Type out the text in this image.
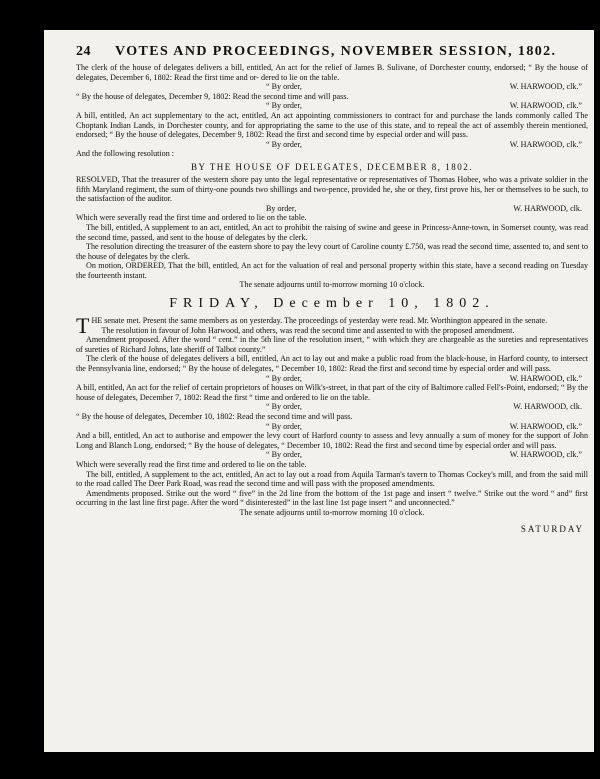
24 VOTES AND PROCEEDINGS, NOVEMBER SESSION, 1802.

The clerk of the house of delegates delivers a bill, entitled, An act for the relief of James B. Sulivane, of Dorchester county, endorsed; “ By the house of delegates, December 6, 1802: Read the first time and or- dered to lie on the table.

“ By order,	W. HARWOOD, clk.”

“ By the house of delegates, December 9, 1802: Read the second time and will pass.

“ By order,	W. HARWOOD, clk.”

A bill, entitled, An act supplementary to the act, entitled, An act appointing commissioners to contract for and purchase the lands commonly called The Choptank Indian Lands, in Dorchester county, and for appropriating the same to the use of this state, and to repeal the act of assembly therein mentioned, endorsed; “ By the house of delegates, December 9, 1802: Read the first and second time by especial order and will pass.

“ By order,	W. HARWOOD, clk.”

And the following resolution :

BY THE HOUSE OF DELEGATES, DECEMBER 8, 1802.

RESOLVED, That the treasurer of the western shore pay unto the legal representative or representatives of Thomas Hobee, who was a private soldier in the fifth Maryland regiment, the sum of thirty-one pounds two shillings and two-pence, provided he, she or they, first prove his, her or themselves to be such, to the satisfaction of the auditor.

By order,	W. HARWOOD, clk.

Which were severally read the first time and ordered to lie on the table.

The bill, entitled, A supplement to an act, entitled, An act to prohibit the raising of swine and geese in Princess-Anne-town, in Somerset county, was read the second time, passed, and sent to the house of delegates by the clerk.

The resolution directing the treasurer of the eastern shore to pay the levy court of Caroline county £.750, was read the second time, assented to, and sent to the house of delegates by the clerk.

On motion, ORDERED, That the bill, entitled, An act for the valuation of real and personal property within this state, have a second reading on Tuesday the fourteenth instant.

The senate adjourns until to-morrow morning 10 o'clock.
FRIDAY, December 10, 1802.

THE senate met. Present the same members as on yesterday. The proceedings of yesterday were read. Mr. Worthington appeared in the senate.

The resolution in favour of John Harwood, and others, was read the second time and assented to with the proposed amendment.

Amendment proposed. After the word “ cent.” in the 5th line of the resolution insert, “ with which they are chargeable as the sureties and representatives of sureties of Richard Johns, late sheriff of Talbot county.”

The clerk of the house of delegates delivers a bill, entitled, An act to lay out and make a public road from the black-house, in Harford county, to intersect the Pennsylvania line, endorsed; “ By the house of delegates, “ December 10, 1802: Read the first and second time by especial order and will pass.

“ By order,	W. HARWOOD, clk.”

A bill, entitled, An act for the relief of certain proprietors of houses on Wilk's-street, in that part of the city of Baltimore called Fell's-Point, endorsed; “ By the house of delegates, December 7, 1802: Read the first “ time and ordered to lie on the table.

“ By order,	W. HARWOOD, clk.

“ By the house of delegates, December 10, 1802: Read the second time and will pass.

“ By order,	W. HARWOOD, clk.”

And a bill, entitled, An act to authorise and empower the levy court of Harford county to assess and levy annually a sum of money for the support of John Long and Blanch Long, endorsed; “ By the house of delegates, “ December 10, 1802: Read the first and second time by especial order and will pass.

“ By order,	W. HARWOOD, clk.”

Which were severally read the first time and ordered to lie on the table.

The bill, entitled, A supplement to the act, entitled, An act to lay out a road from Aquila Tarman's tavern to Thomas Cockey's mill, and from the said mill to the road called The Deer Park Road, was read the second time and will pass with the proposed amendments.

Amendments proposed. Strike out the word “ five” in the 2d line from the bottom of the 1st page and insert “ twelve.” Strike out the word “ and” first occurring in the last line first page. After the word “ disinterested” in the last line 1st page insert “ and unconnected.”

The senate adjourns until to-morrow morning 10 o'clock.
SATURDAY
